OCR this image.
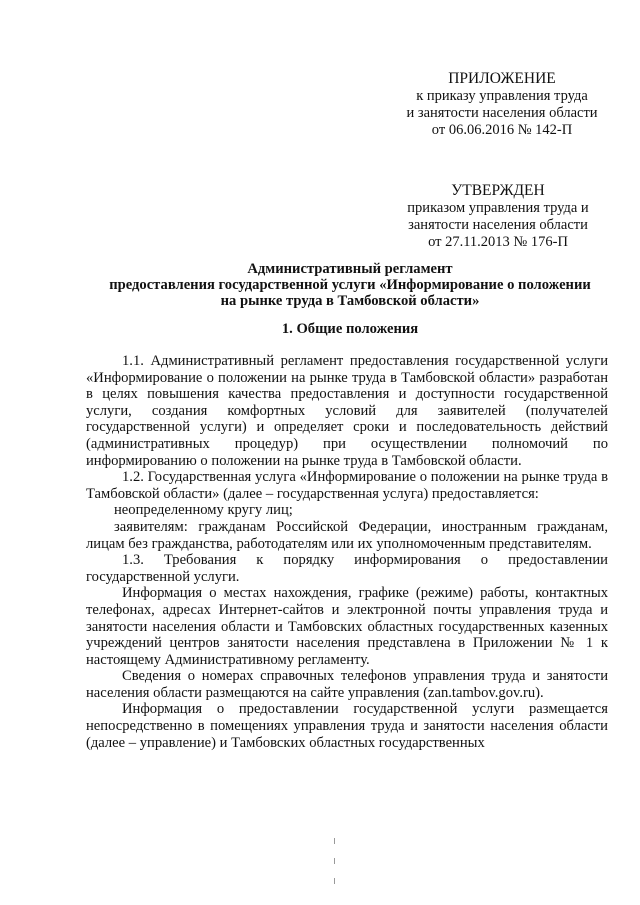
ПРИЛОЖЕНИЕ
к приказу управления труда
и занятости населения области
от 06.06.2016 № 142-П
УТВЕРЖДЕН
приказом управления труда и
занятости населения области
от 27.11.2013 № 176-П
Административный регламент
предоставления государственной услуги «Информирование о положении
на рынке труда в Тамбовской области»
1. Общие положения

1.1. Административный регламент предоставления государственной услуги «Информирование о положении на рынке труда в Тамбовской области» разработан в целях повышения качества предоставления и доступности государственной услуги, создания комфортных условий для заявителей (получателей государственной услуги) и определяет сроки и последовательность действий (административных процедур) при осуществлении полномочий по информированию о положении на рынке труда в Тамбовской области.

1.2. Государственная услуга «Информирование о положении на рынке труда в Тамбовской области» (далее – государственная услуга) предоставляется:

неопределенному кругу лиц;

заявителям: гражданам Российской Федерации, иностранным гражданам, лицам без гражданства, работодателям или их уполномоченным представителям.

1.3. Требования к порядку информирования о предоставлении государственной услуги.

Информация о местах нахождения, графике (режиме) работы, контактных телефонах, адресах Интернет-сайтов и электронной почты управления труда и занятости населения области и Тамбовских областных государственных казенных учреждений центров занятости населения представлена в Приложении № 1 к настоящему Административному регламенту.

Сведения о номерах справочных телефонов управления труда и занятости населения области размещаются на сайте управления (zan.tambov.gov.ru).

Информация о предоставлении государственной услуги размещается непосредственно в помещениях управления труда и занятости населения области (далее – управление) и Тамбовских областных государственных
